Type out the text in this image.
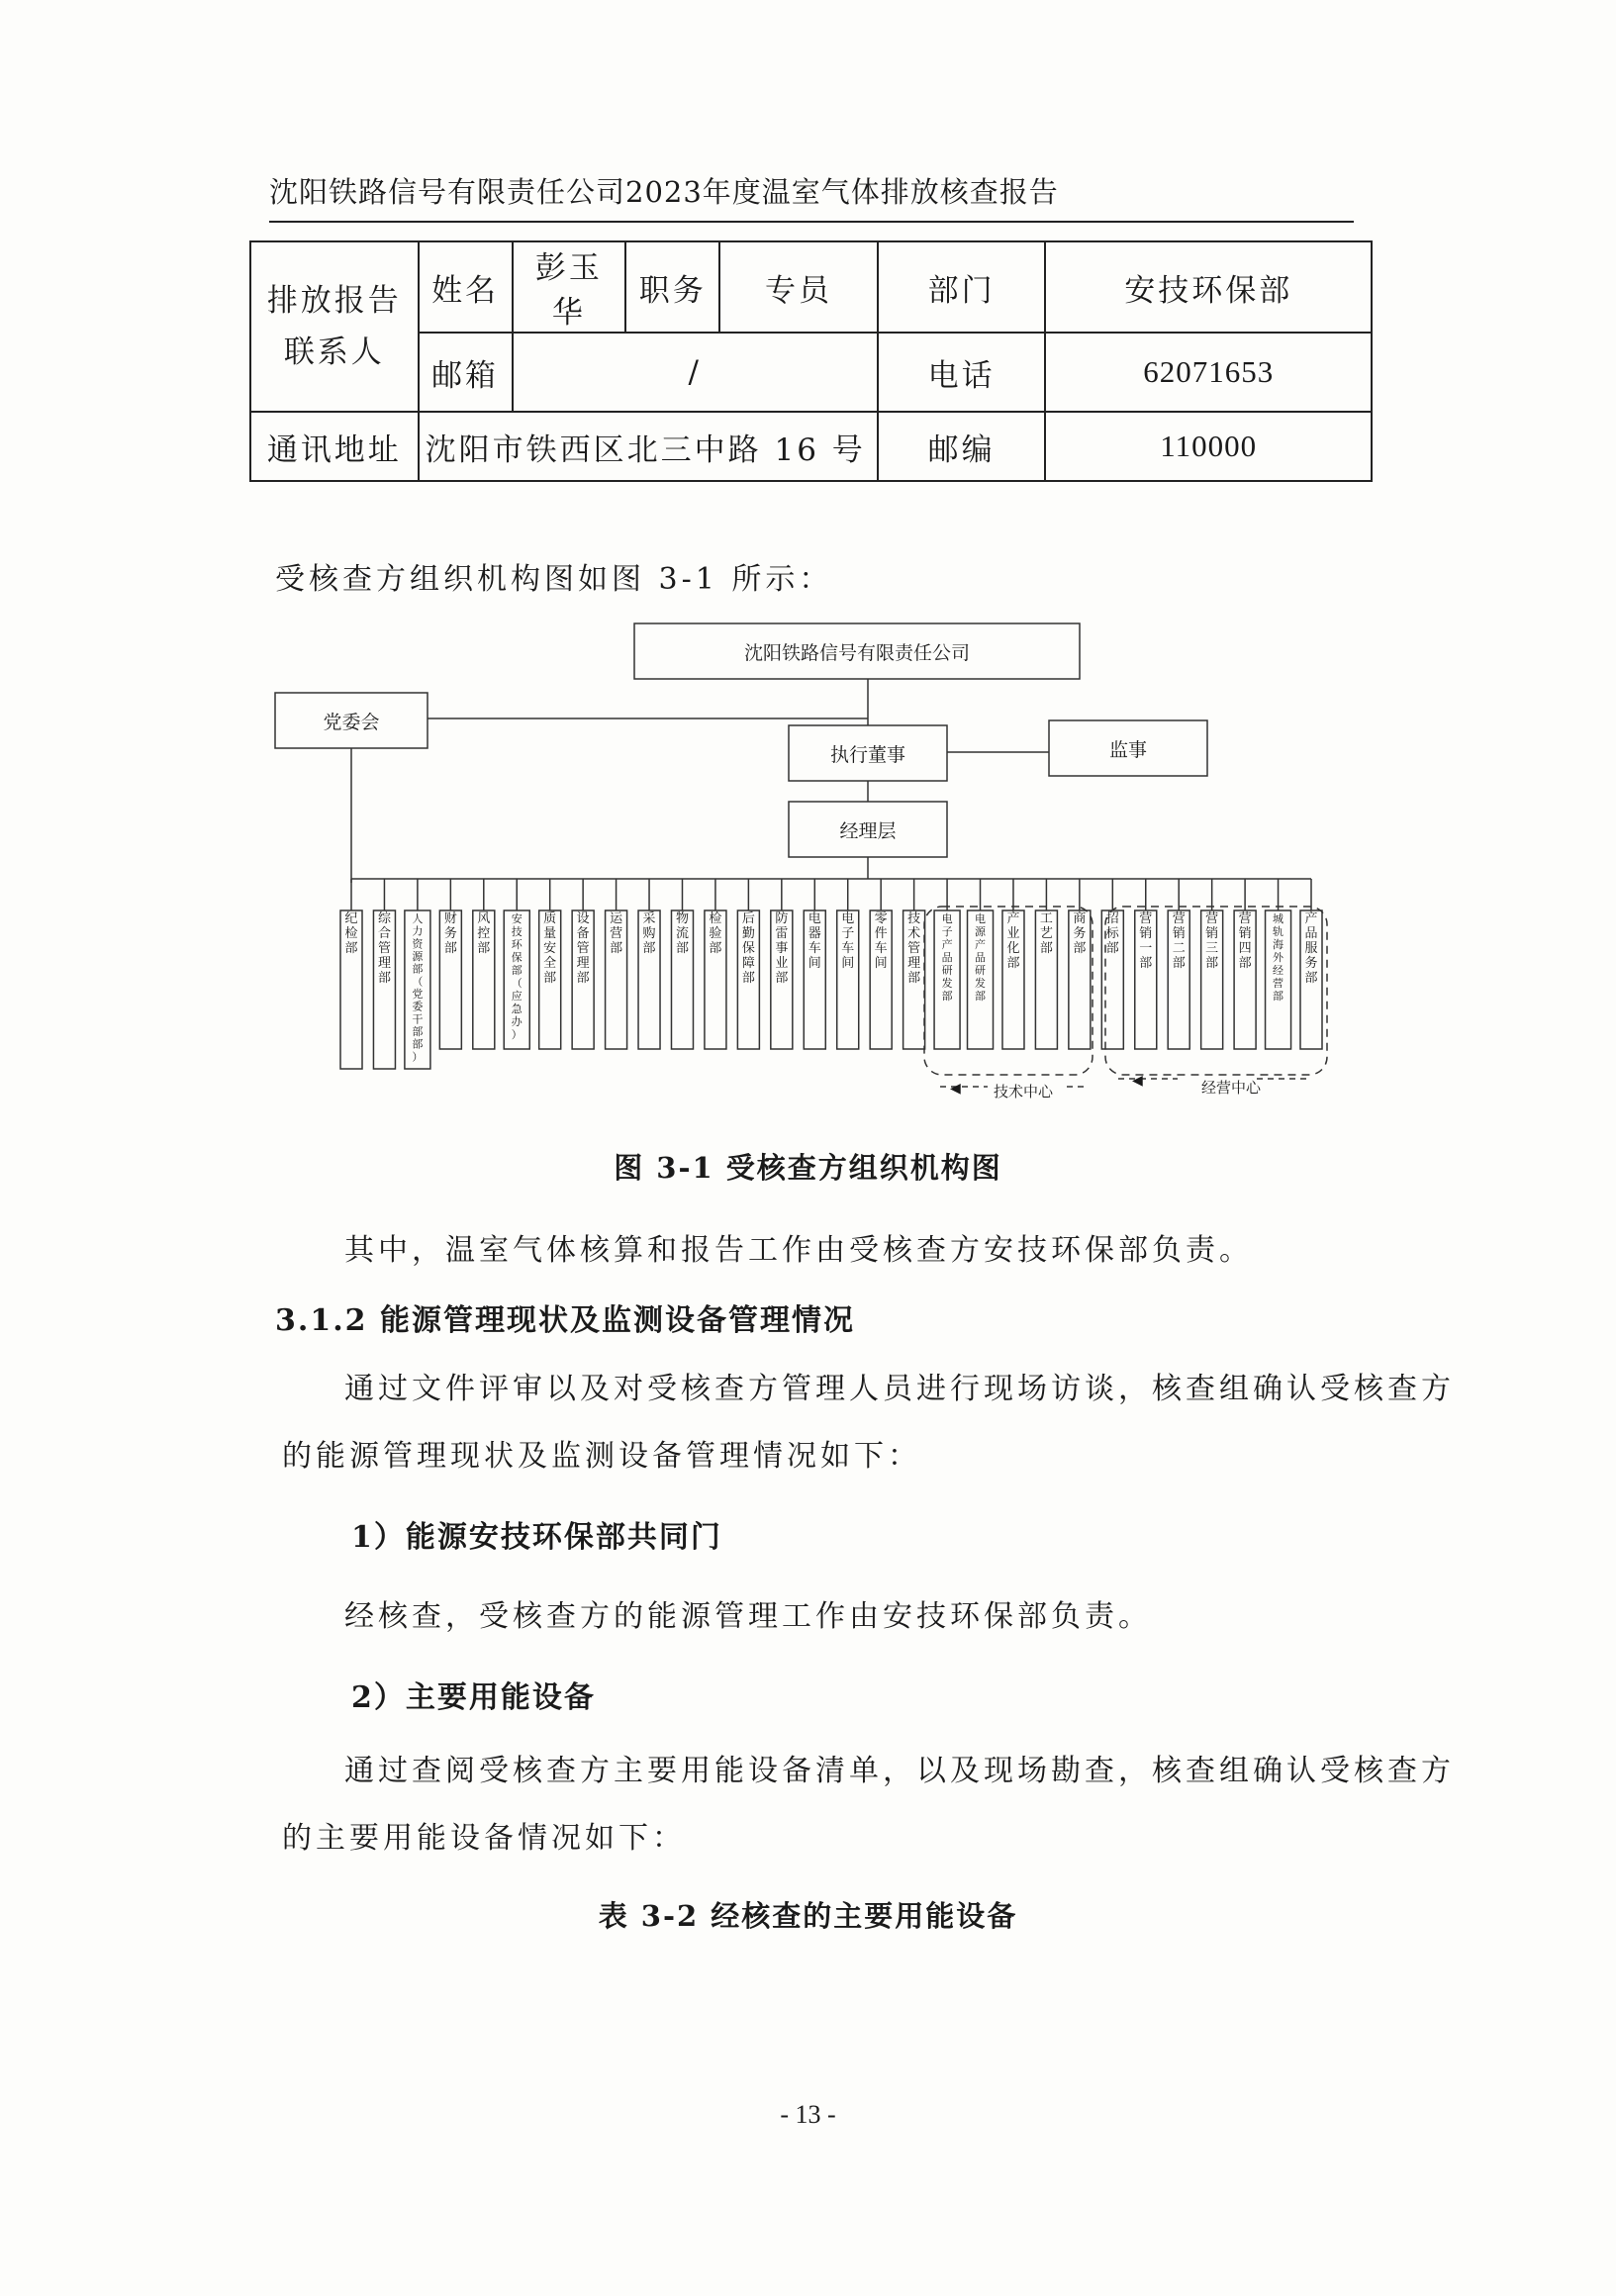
沈阳铁路信号有限责任公司2023年度温室气体排放核查报告
排放报告
联系人	姓名	彭玉华	职务	专员	部门	安技环保部
	邮箱	/			电话	62071653
通讯地址	沈阳市铁西区北三中路 16 号				邮编	110000
受核查方组织机构图如图 3-1 所示：
纪检部
综合管理部
人力资源部（党委干部部）
财务部
风控部
安技环保部（应急办）
质量安全部
设备管理部
运营部
采购部
物流部
检验部
后勤保障部
防雷事业部
电器车间
电子车间
零件车间
技术管理部
电子产品研发部
电源产品研发部
产业化部
工艺部
商务部
招标部
营销一部
营销二部
营销三部
营销四部
城轨海外经营部
产品服务部
沈阳铁路信号有限责任公司
党委会
执行董事	监事
经理层
◀ 技术中心
◀	经营中心
图 3-1 受核查方组织机构图
其中，温室气体核算和报告工作由受核查方安技环保部负责。
3.1.2 能源管理现状及监测设备管理情况
通过文件评审以及对受核查方管理人员进行现场访谈，核查组确认受核查方
的能源管理现状及监测设备管理情况如下：
1）能源安技环保部共同门
经核查，受核查方的能源管理工作由安技环保部负责。
2）主要用能设备
通过查阅受核查方主要用能设备清单，以及现场勘查，核查组确认受核查方
的主要用能设备情况如下：
表 3-2 经核查的主要用能设备
- 13 -
